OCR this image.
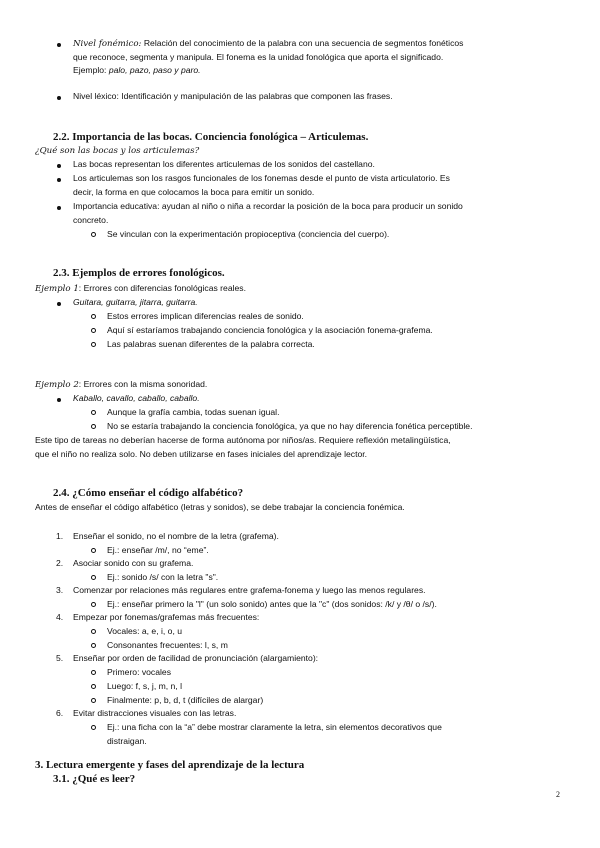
Nivel fonémico: Relación del conocimiento de la palabra con una secuencia de segmentos fonéticos
que reconoce, segmenta y manipula. El fonema es la unidad fonológica que aporta el significado.
Ejemplo: palo, pazo, paso y paro.
Nivel léxico: Identificación y manipulación de las palabras que componen las frases.
2.2. Importancia de las bocas. Conciencia fonológica – Articulemas.
¿Qué son las bocas y los articulemas?
Las bocas representan los diferentes articulemas de los sonidos del castellano.
Los articulemas son los rasgos funcionales de los fonemas desde el punto de vista articulatorio. Es
decir, la forma en que colocamos la boca para emitir un sonido.
Importancia educativa: ayudan al niño o niña a recordar la posición de la boca para producir un sonido
concreto.
Se vinculan con la experimentación propioceptiva (conciencia del cuerpo).
2.3. Ejemplos de errores fonológicos.
Ejemplo 1: Errores con diferencias fonológicas reales.
Guitara, guitarra, jitarra, guitarra.
Estos errores implican diferencias reales de sonido.
Aquí sí estaríamos trabajando conciencia fonológica y la asociación fonema-grafema.
Las palabras suenan diferentes de la palabra correcta.
Ejemplo 2: Errores con la misma sonoridad.
Kaballo, cavallo, caballo, caballo.
Aunque la grafía cambia, todas suenan igual.
No se estaría trabajando la conciencia fonológica, ya que no hay diferencia fonética perceptible.
Este tipo de tareas no deberían hacerse de forma autónoma por niños/as. Requiere reflexión metalingüística,
que el niño no realiza solo. No deben utilizarse en fases iniciales del aprendizaje lector.
2.4. ¿Cómo enseñar el código alfabético?
Antes de enseñar el código alfabético (letras y sonidos), se debe trabajar la conciencia fonémica.
1. Enseñar el sonido, no el nombre de la letra (grafema).
Ej.: enseñar /m/, no “eme”.
2. Asociar sonido con su grafema.
Ej.: sonido /s/ con la letra "s".
3. Comenzar por relaciones más regulares entre grafema-fonema y luego las menos regulares.
Ej.: enseñar primero la "l" (un solo sonido) antes que la "c" (dos sonidos: /k/ y /θ/ o /s/).
4. Empezar por fonemas/grafemas más frecuentes:
Vocales: a, e, i, o, u
Consonantes frecuentes: l, s, m
5. Enseñar por orden de facilidad de pronunciación (alargamiento):
Primero: vocales
Luego: f, s, j, m, n, l
Finalmente: p, b, d, t (difíciles de alargar)
6. Evitar distracciones visuales con las letras.
Ej.: una ficha con la “a” debe mostrar claramente la letra, sin elementos decorativos que
distraigan.
3. Lectura emergente y fases del aprendizaje de la lectura
3.1. ¿Qué es leer?
2
